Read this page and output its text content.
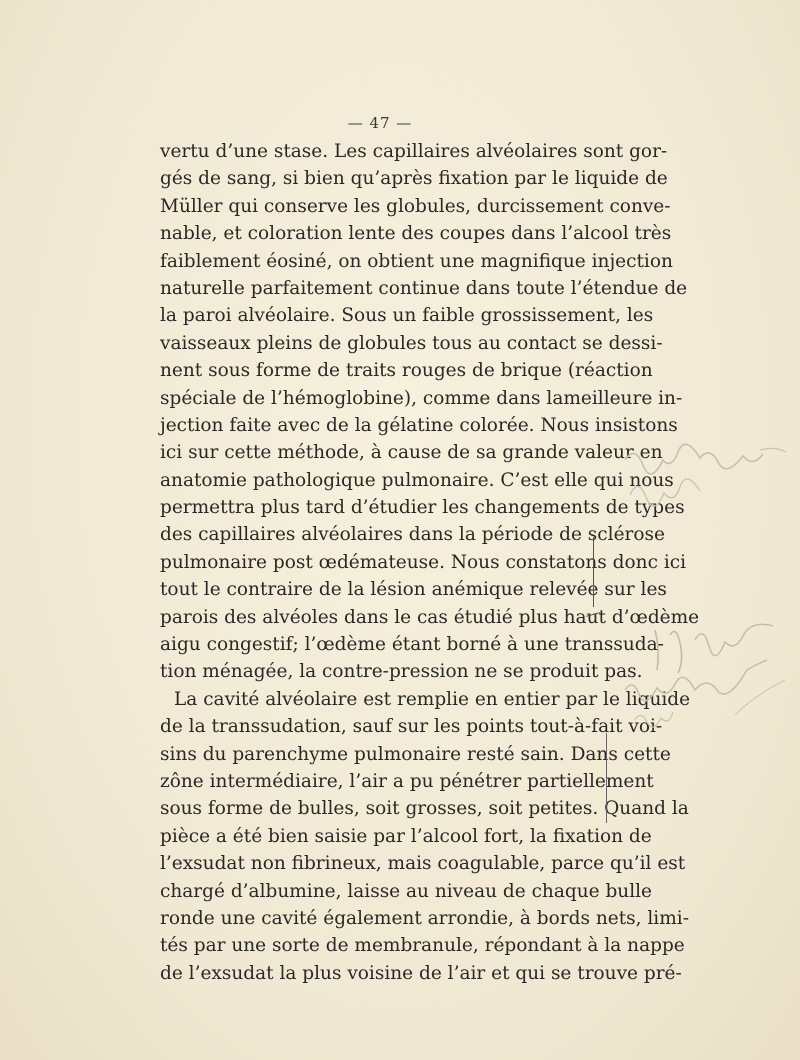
— 47 —
vertu d’une stase. Les capillaires alvéolaires sont gor-
gés de sang, si bien qu’après fixation par le liquide de
Müller qui conserve les globules, durcissement conve-
nable, et coloration lente des coupes dans l’alcool très
faiblement éosiné, on obtient une magnifique injection
naturelle parfaitement continue dans toute l’étendue de
la paroi alvéolaire. Sous un faible grossissement, les
vaisseaux pleins de globules tous au contact se dessi-
nent sous forme de traits rouges de brique (réaction
spéciale de l’hémoglobine), comme dans lameilleure in-
jection faite avec de la gélatine colorée. Nous insistons
ici sur cette méthode, à cause de sa grande valeur en
anatomie pathologique pulmonaire. C’est elle qui nous
permettra plus tard d’étudier les changements de types
des capillaires alvéolaires dans la période de sclérose
pulmonaire post œdémateuse. Nous constatons donc ici
tout le contraire de la lésion anémique relevée sur les
parois des alvéoles dans le cas étudié plus haut d’œdème
aigu congestif; l’œdème étant borné à une transsuda-
tion ménagée, la contre-pression ne se produit pas.
La cavité alvéolaire est remplie en entier par le liquide
de la transsudation, sauf sur les points tout-à-fait voi-
sins du parenchyme pulmonaire resté sain. Dans cette
zône intermédiaire, l’air a pu pénétrer partiellement
sous forme de bulles, soit grosses, soit petites. Quand la
pièce a été bien saisie par l’alcool fort, la fixation de
l’exsudat non fibrineux, mais coagulable, parce qu’il est
chargé d’albumine, laisse au niveau de chaque bulle
ronde une cavité également arrondie, à bords nets, limi-
tés par une sorte de membranule, répondant à la nappe
de l’exsudat la plus voisine de l’air et qui se trouve pré-
